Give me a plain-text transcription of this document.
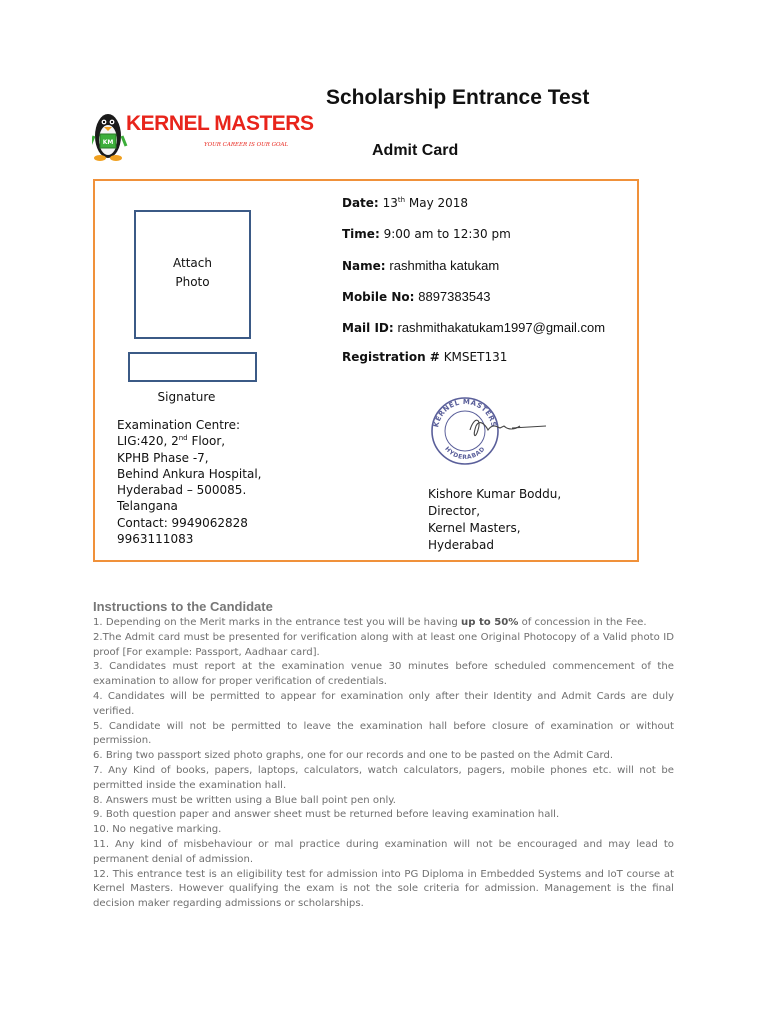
Scholarship Entrance Test
KM
KERNEL MASTERS
YOUR CAREER IS OUR GOAL	Admit Card
Attach
Photo
Signature
Date: 13th May 2018
Time: 9:00 am to 12:30 pm
Name: rashmitha katukam
Mobile No: 8897383543
Mail ID: rashmithakatukam1997@gmail.com
Registration # KMSET131
Examination Centre:
LIG:420, 2nd Floor,
KPHB Phase -7,
Behind Ankura Hospital,
Hyderabad – 500085.
Telangana
Contact: 9949062828
9963111083
KERNEL MASTERS
HYDERABAD
Kishore Kumar Boddu,
Director,
Kernel Masters,
Hyderabad
Instructions to the Candidate

1. Depending on the Merit marks in the entrance test you will be having up to 50% of concession in the Fee.

2.The Admit card must be presented for verification along with at least one Original Photocopy of a Valid photo ID proof [For example: Passport, Aadhaar card].

3. Candidates must report at the examination venue 30 minutes before scheduled commencement of the examination to allow for proper verification of credentials.

4. Candidates will be permitted to appear for examination only after their Identity and Admit Cards are duly verified.

5. Candidate will not be permitted to leave the examination hall before closure of examination or without permission.

6. Bring two passport sized photo graphs, one for our records and one to be pasted on the Admit Card.

7. Any Kind of books, papers, laptops, calculators, watch calculators, pagers, mobile phones etc. will not be permitted inside the examination hall.

8. Answers must be written using a Blue ball point pen only.

9. Both question paper and answer sheet must be returned before leaving examination hall.

10. No negative marking.

11. Any kind of misbehaviour or mal practice during examination will not be encouraged and may lead to permanent denial of admission.

12. This entrance test is an eligibility test for admission into PG Diploma in Embedded Systems and IoT course at Kernel Masters. However qualifying the exam is not the sole criteria for admission. Management is the final decision maker regarding admissions or scholarships.
